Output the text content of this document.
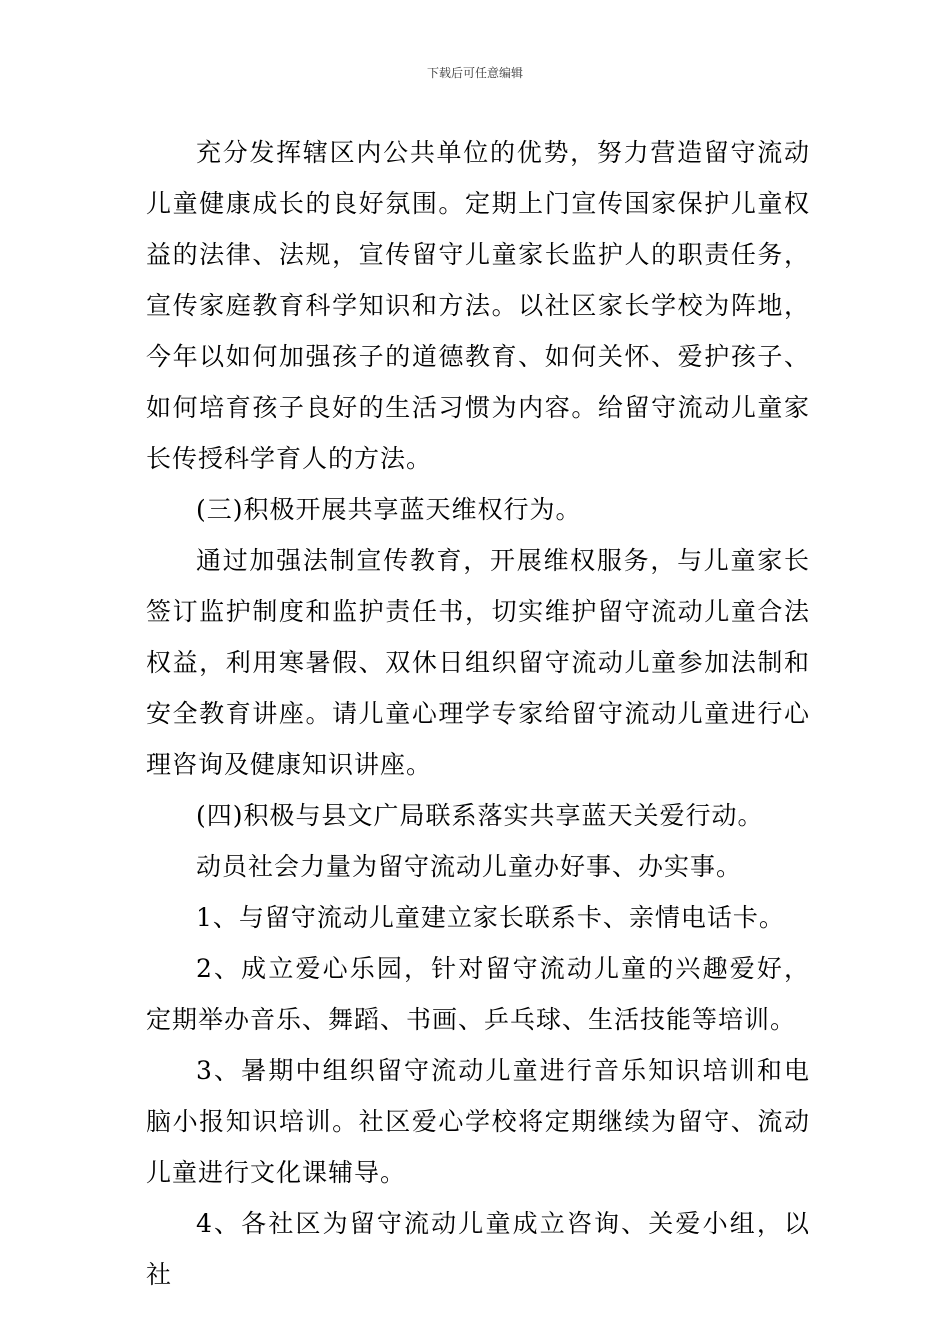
下载后可任意编辑

充分发挥辖区内公共单位的优势，努力营造留守流动儿童健康成长的良好氛围。定期上门宣传国家保护儿童权益的法律、法规，宣传留守儿童家长监护人的职责任务，宣传家庭教育科学知识和方法。以社区家长学校为阵地，今年以如何加强孩子的道德教育、如何关怀、爱护孩子、如何培育孩子良好的生活习惯为内容。给留守流动儿童家长传授科学育人的方法。

(三)积极开展共享蓝天维权行为。

通过加强法制宣传教育，开展维权服务，与儿童家长签订监护制度和监护责任书，切实维护留守流动儿童合法权益，利用寒暑假、双休日组织留守流动儿童参加法制和安全教育讲座。请儿童心理学专家给留守流动儿童进行心理咨询及健康知识讲座。

(四)积极与县文广局联系落实共享蓝天关爱行动。

动员社会力量为留守流动儿童办好事、办实事。

1、与留守流动儿童建立家长联系卡、亲情电话卡。

2、成立爱心乐园，针对留守流动儿童的兴趣爱好，定期举办音乐、舞蹈、书画、乒乓球、生活技能等培训。

3、暑期中组织留守流动儿童进行音乐知识培训和电脑小报知识培训。社区爱心学校将定期继续为留守、流动儿童进行文化课辅导。

4、各社区为留守流动儿童成立咨询、关爱小组，以社
